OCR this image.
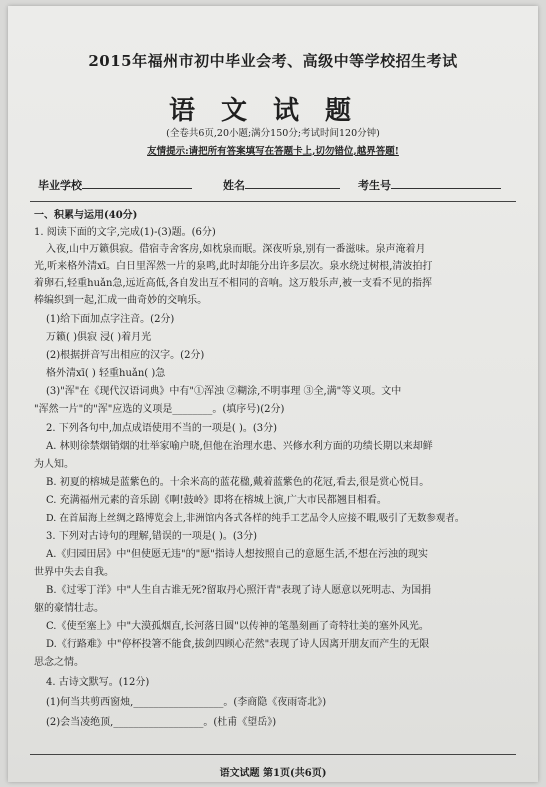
2015年福州市初中毕业会考、高级中等学校招生考试
语文试题
(全卷共6页,20小题;满分150分;考试时间120分钟)
友情提示:请把所有答案填写在答题卡上,切勿错位,越界答题!
毕业学校	姓名	考生号
一、积累与运用(40分)
1. 阅读下面的文字,完成(1)-(3)题。(6分)
入夜,山中万籁俱寂。借宿寺舍客房,如枕泉而眠。深夜听泉,别有一番滋味。泉声淹着月
光,听来格外清xī。白日里浑然一片的泉鸣,此时却能分出许多层次。泉水绕过树根,清波拍打
着卵石,轻重huǎn急,远近高低,各自发出互不相同的音响。这万般乐声,被一支看不见的指挥
棒编织到一起,汇成一曲奇妙的交响乐。
(1)给下面加点字注音。(2分)
万籁( )俱寂 浸( )着月光
(2)根据拼音写出相应的汉字。(2分)
格外清xī( ) 轻重huǎn( )急
(3)"浑"在《现代汉语词典》中有"①浑浊 ②糊涂,不明事理 ③全,满"等义项。文中
"浑然一片"的"浑"应选的义项是________。(填序号)(2分)
2. 下列各句中,加点成语使用不当的一项是( )。(3分)
A. 林则徐禁烟销烟的壮举家喻户晓,但他在治理水患、兴修水利方面的功绩长期以来却鲜
为人知。
B. 初夏的榕城是蓝紫色的。十余米高的蓝花楹,戴着蓝紫色的花冠,看去,很是赏心悦目。
C. 充满福州元素的音乐剧《啊!鼓岭》即将在榕城上演,广大市民都翘目相看。
D. 在首届海上丝绸之路博览会上,非洲馆内各式各样的纯手工艺品令人应接不暇,吸引了无数参观者。
3. 下列对古诗句的理解,错误的一项是( )。(3分)
A.《归园田居》中"但使愿无违"的"愿"指诗人想按照自己的意愿生活,不想在污浊的现实
世界中失去自我。
B.《过零丁洋》中"人生自古谁无死?留取丹心照汗青"表现了诗人愿意以死明志、为国捐
躯的豪情壮志。
C.《使至塞上》中"大漠孤烟直,长河落日圆"以传神的笔墨刻画了奇特壮美的塞外风光。
D.《行路难》中"停杯投箸不能食,拔剑四顾心茫然"表现了诗人因离开朋友而产生的无限
思念之情。
4. 古诗文默写。(12分)
(1)何当共剪西窗烛,__________________。(李商隐《夜雨寄北》)
(2)会当凌绝顶,__________________。(杜甫《望岳》)
语文试题 第1页(共6页)
